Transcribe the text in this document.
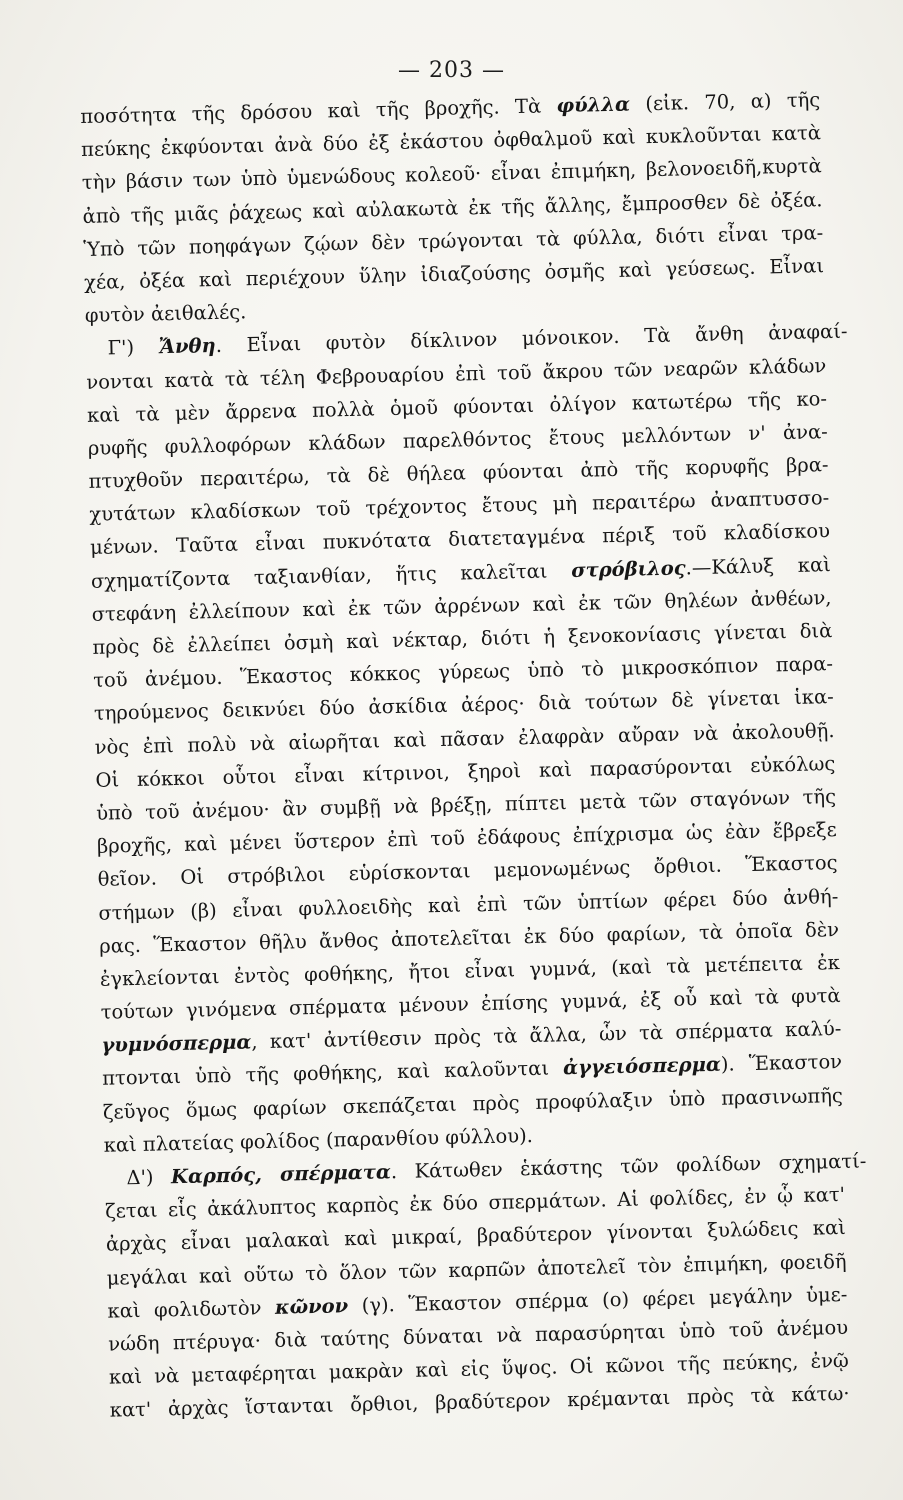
— 203 —
ποσότητα τῆς δρόσου καὶ τῆς βροχῆς. Τὰ φύλλα (εἰκ. 70, α) τῆς
πεύκης ἐκφύονται ἀνὰ δύο ἐξ ἑκάστου ὀφθαλμοῦ καὶ κυκλοῦνται κατὰ
τὴν βάσιν των ὑπὸ ὑμενώδους κολεοῦ· εἶναι ἐπιμήκη, βελονοειδῆ,κυρτὰ
ἀπὸ τῆς μιᾶς ῥάχεως καὶ αὐλακωτὰ ἐκ τῆς ἄλλης, ἔμπροσθεν δὲ ὀξέα.
Ὑπὸ τῶν ποηφάγων ζῴων δὲν τρώγονται τὰ φύλλα, διότι εἶναι τρα-
χέα, ὀξέα καὶ περιέχουν ὕλην ἰδιαζούσης ὀσμῆς καὶ γεύσεως. Εἶναι
φυτὸν ἀειθαλές.
Γ') Ἄνθη. Εἶναι φυτὸν δίκλινον μόνοικον. Τὰ ἄνθη ἀναφαί-
νονται κατὰ τὰ τέλη Φεβρουαρίου ἐπὶ τοῦ ἄκρου τῶν νεαρῶν κλάδων
καὶ τὰ μὲν ἄρρενα πολλὰ ὁμοῦ φύονται ὀλίγον κατωτέρω τῆς κο-
ρυφῆς φυλλοφόρων κλάδων παρελθόντος ἔτους μελλόντων ν' ἀνα-
πτυχθοῦν περαιτέρω, τὰ δὲ θήλεα φύονται ἀπὸ τῆς κορυφῆς βρα-
χυτάτων κλαδίσκων τοῦ τρέχοντος ἔτους μὴ περαιτέρω ἀναπτυσσο-
μένων. Ταῦτα εἶναι πυκνότατα διατεταγμένα πέριξ τοῦ κλαδίσκου
σχηματίζοντα ταξιανθίαν, ἥτις καλεῖται στρόβιλος.—Κάλυξ καὶ
στεφάνη ἐλλείπουν καὶ ἐκ τῶν ἀρρένων καὶ ἐκ τῶν θηλέων ἀνθέων,
πρὸς δὲ ἐλλείπει ὀσμὴ καὶ νέκταρ, διότι ἡ ξενοκονίασις γίνεται διὰ
τοῦ ἀνέμου. Ἕκαστος κόκκος γύρεως ὑπὸ τὸ μικροσκόπιον παρα-
τηρούμενος δεικνύει δύο ἀσκίδια ἀέρος· διὰ τούτων δὲ γίνεται ἱκα-
νὸς ἐπὶ πολὺ νὰ αἰωρῆται καὶ πᾶσαν ἐλαφρὰν αὔραν νὰ ἀκολουθῇ.
Οἱ κόκκοι οὗτοι εἶναι κίτρινοι, ξηροὶ καὶ παρασύρονται εὐκόλως
ὑπὸ τοῦ ἀνέμου· ἂν συμβῇ νὰ βρέξῃ, πίπτει μετὰ τῶν σταγόνων τῆς
βροχῆς, καὶ μένει ὕστερον ἐπὶ τοῦ ἐδάφους ἐπίχρισμα ὡς ἐὰν ἔβρεξε
θεῖον. Οἱ στρόβιλοι εὑρίσκονται μεμονωμένως ὄρθιοι. Ἕκαστος
στήμων (β) εἶναι φυλλοειδὴς καὶ ἐπὶ τῶν ὑπτίων φέρει δύο ἀνθή-
ρας. Ἕκαστον θῆλυ ἄνθος ἀποτελεῖται ἐκ δύο φαρίων, τὰ ὁποῖα δὲν
ἐγκλείονται ἐντὸς φοθήκης, ἤτοι εἶναι γυμνά, (καὶ τὰ μετέπειτα ἐκ
τούτων γινόμενα σπέρματα μένουν ἐπίσης γυμνά, ἐξ οὗ καὶ τὰ φυτὰ
γυμνόσπερμα, κατ' ἀντίθεσιν πρὸς τὰ ἄλλα, ὧν τὰ σπέρματα καλύ-
πτονται ὑπὸ τῆς φοθήκης, καὶ καλοῦνται ἀγγειόσπερμα). Ἕκαστον
ζεῦγος ὅμως φαρίων σκεπάζεται πρὸς προφύλαξιν ὑπὸ πρασινωπῆς
καὶ πλατείας φολίδος (παρανθίου φύλλου).
Δ') Καρπός, σπέρματα. Κάτωθεν ἑκάστης τῶν φολίδων σχηματί-
ζεται εἷς ἀκάλυπτος καρπὸς ἐκ δύο σπερμάτων. Αἱ φολίδες, ἐν ᾧ κατ'
ἀρχὰς εἶναι μαλακαὶ καὶ μικραί, βραδύτερον γίνονται ξυλώδεις καὶ
μεγάλαι καὶ οὕτω τὸ ὅλον τῶν καρπῶν ἀποτελεῖ τὸν ἐπιμήκη, φοειδῆ
καὶ φολιδωτὸν κῶνον (γ). Ἕκαστον σπέρμα (ο) φέρει μεγάλην ὑμε-
νώδη πτέρυγα· διὰ ταύτης δύναται νὰ παρασύρηται ὑπὸ τοῦ ἀνέμου
καὶ νὰ μεταφέρηται μακρὰν καὶ εἰς ὕψος. Οἱ κῶνοι τῆς πεύκης, ἐνῷ
κατ' ἀρχὰς ἵστανται ὄρθιοι, βραδύτερον κρέμανται πρὸς τὰ κάτω·
